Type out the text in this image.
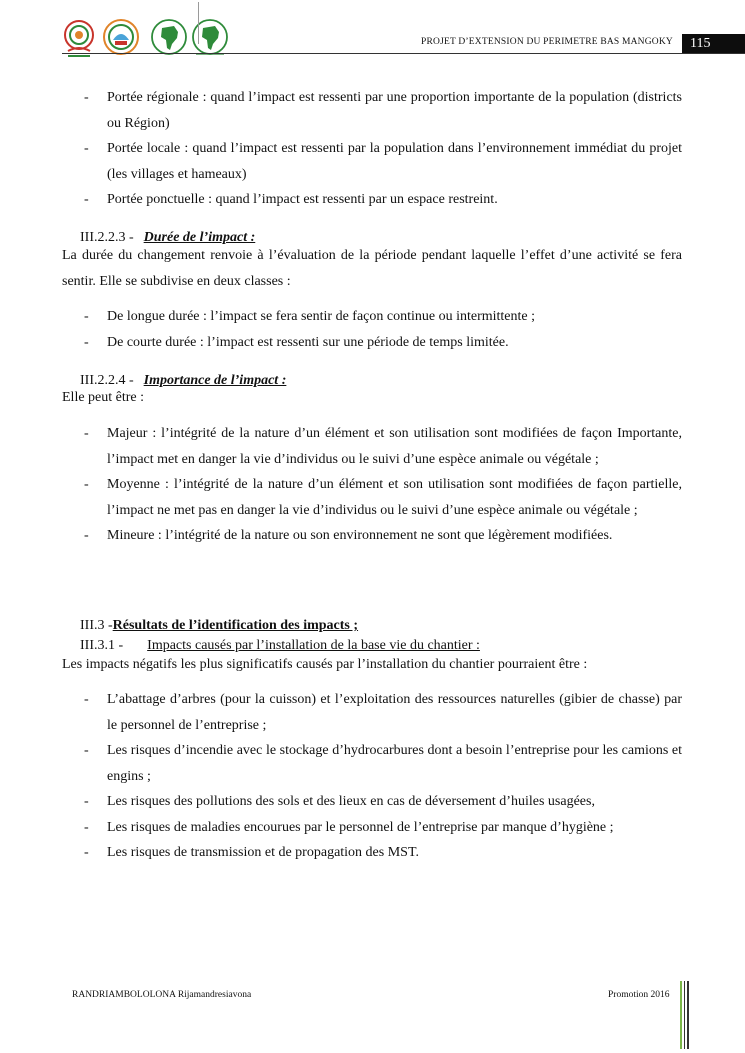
PROJET D’EXTENSION DU PERIMETRE BAS MANGOKY	115
- Portée régionale : quand l’impact est ressenti par une proportion importante de la population (districts ou Région)
- Portée locale : quand l’impact est ressenti par la population dans l’environnement immédiat du projet (les villages et hameaux)
- Portée ponctuelle : quand l’impact est ressenti par un espace restreint.
III.2.2.3 - Durée de l’impact :
La durée du changement renvoie à l’évaluation de la période pendant laquelle l’effet d’une activité se fera sentir. Elle se subdivise en deux classes :
- De longue durée : l’impact se fera sentir de façon continue ou intermittente ;
- De courte durée : l’impact est ressenti sur une période de temps limitée.
III.2.2.4 - Importance de l’impact :
Elle peut être :
- Majeur : l’intégrité de la nature d’un élément et son utilisation sont modifiées de façon Importante, l’impact met en danger la vie d’individus ou le suivi d’une espèce animale ou végétale ;
- Moyenne : l’intégrité de la nature d’un élément et son utilisation sont modifiées de façon partielle, l’impact ne met pas en danger la vie d’individus ou le suivi d’une espèce animale ou végétale ;
- Mineure : l’intégrité de la nature ou son environnement ne sont que légèrement modifiées.
III.3 -Résultats de l’identification des impacts ;
III.3.1 - Impacts causés par l’installation de la base vie du chantier :
Les impacts négatifs les plus significatifs causés par l’installation du chantier pourraient être :
- L’abattage d’arbres (pour la cuisson) et l’exploitation des ressources naturelles (gibier de chasse) par le personnel de l’entreprise ;
- Les risques d’incendie avec le stockage d’hydrocarbures dont a besoin l’entreprise pour les camions et engins ;
- Les risques des pollutions des sols et des lieux en cas de déversement d’huiles usagées,
- Les risques de maladies encourues par le personnel de l’entreprise par manque d’hygiène ;
- Les risques de transmission et de propagation des MST.
RANDRIAMBOLOLONA Rijamandresiavona	Promotion 2016
